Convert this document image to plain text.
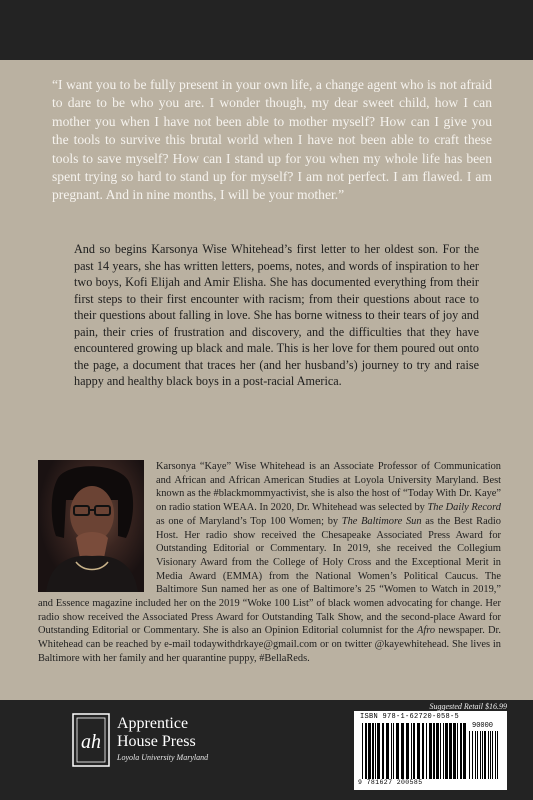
“I want you to be fully present in your own life, a change agent who is not afraid to dare to be who you are. I wonder though, my dear sweet child, how I can mother you when I have not been able to mother myself? How can I give you the tools to survive this brutal world when I have not been able to craft these tools to save myself? How can I stand up for you when my whole life has been spent trying so hard to stand up for myself? I am not perfect. I am flawed. I am pregnant. And in nine months, I will be your mother.”

And so begins Karsonya Wise Whitehead’s first letter to her oldest son. For the past 14 years, she has written letters, poems, notes, and words of inspiration to her two boys, Kofi Elijah and Amir Elisha. She has documented everything from their first steps to their first encounter with racism; from their questions about race to their questions about falling in love. She has borne witness to their tears of joy and pain, their cries of frustration and discovery, and the difficulties that they have encountered growing up black and male. This is her love for them poured out onto the page, a document that traces her (and her husband’s) journey to try and raise happy and healthy black boys in a post-racial America.

Karsonya “Kaye” Wise Whitehead is an Associate Professor of Communication and African and African American Studies at Loyola University Maryland. Best known as the #blackmommyactivist, she is also the host of “Today With Dr. Kaye” on radio station WEAA. In 2020, Dr. Whitehead was selected by The Daily Record as one of Maryland’s Top 100 Women; by The Baltimore Sun as the Best Radio Host. Her radio show received the Chesapeake Associated Press Award for Outstanding Editorial or Commentary. In 2019, she received the Collegium Visionary Award from the College of Holy Cross and the Exceptional Merit in Media Award (EMMA) from the National Women’s Political Caucus. The Baltimore Sun named her as one of Baltimore’s 25 “Women to Watch in 2019,” and Essence magazine included her on the 2019 “Woke 100 List” of black women advocating for change. Her radio show received the Associated Press Award for Outstanding Talk Show, and the second-place Award for Outstanding Editorial or Commentary. She is also an Opinion Editorial columnist for the Afro newspaper. Dr. Whitehead can be reached by e-mail todaywithdrkaye@gmail.com or on twitter @kayewhitehead. She lives in Baltimore with her family and her quarantine puppy, #BellaReds.

ah
Apprentice
House Press
Loyola University Maryland
Suggested Retail $16.99
ISBN 978-1-62720-058-5
90000
9 781627 200585
